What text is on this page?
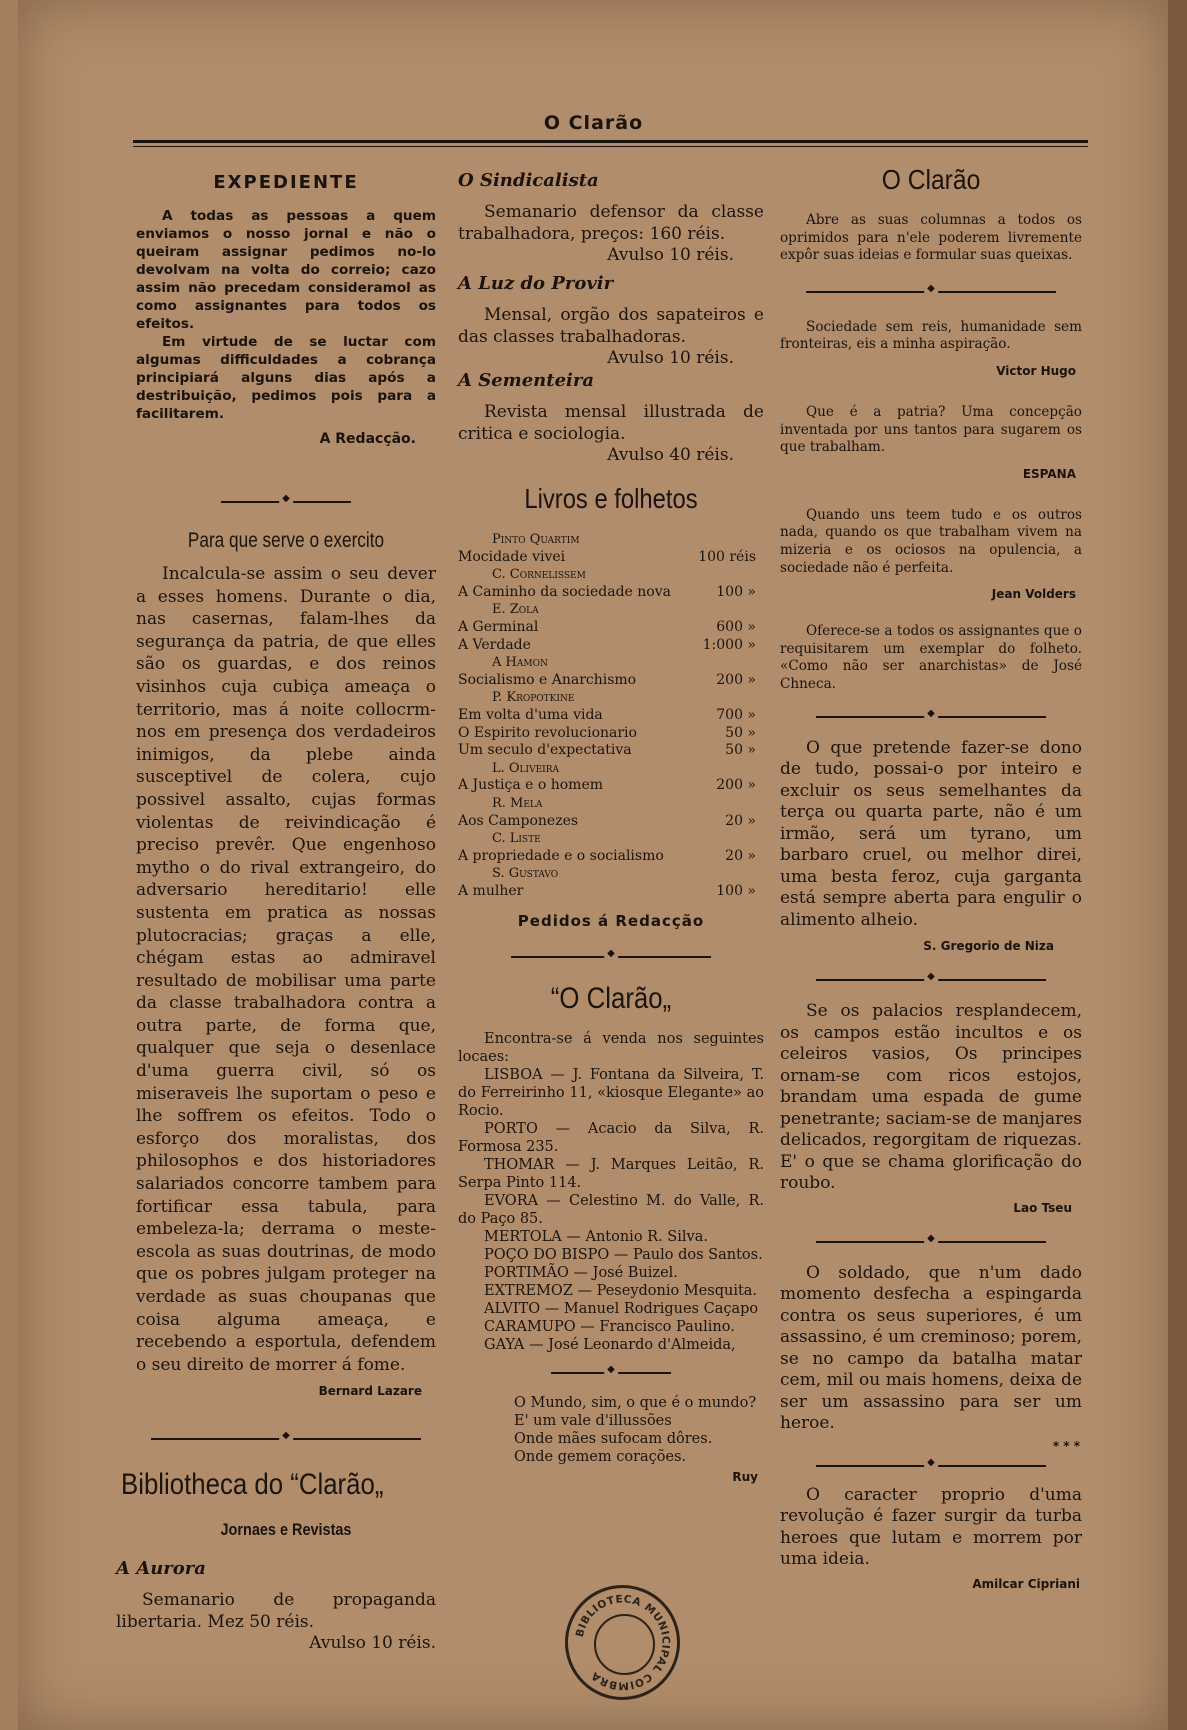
O Clarão
EXPEDIENTE

A todas as pessoas a quem enviamos o nosso jornal e não o queiram assignar pedimos no-lo devolvam na volta do correio; cazo assim não precedam consideramol as como assignantes para todos os efeitos.

Em virtude de se luctar com algumas difficuldades a cobrança principiará alguns dias após a destribuição, pedimos pois para a facilitarem.

A Redacção.
◆
Para que serve o exercito

Incalcula-se assim o seu dever a esses homens. Durante o dia, nas casernas, falam-lhes da segurança da patria, de que elles são os guardas, e dos reinos visinhos cuja cubiça ameaça o territorio, mas á noite collocrm-nos em presença dos verdadeiros inimigos, da plebe ainda susceptivel de colera, cujo possivel assalto, cujas formas violentas de reivindicação é preciso prevêr. Que engenhoso mytho o do rival extrangeiro, do adversario hereditario! elle sustenta em pratica as nossas plutocracias; graças a elle, chégam estas ao admiravel resultado de mobilisar uma parte da classe trabalhadora contra a outra parte, de forma que, qualquer que seja o desenlace d'uma guerra civil, só os miseraveis lhe suportam o peso e lhe soffrem os efeitos. Todo o esforço dos moralistas, dos philosophos e dos historiadores salariados concorre tambem para fortificar essa tabula, para embeleza-la; derrama o meste-escola as suas doutrinas, de modo que os pobres julgam proteger na verdade as suas choupanas que coisa alguma ameaça, e recebendo a esportula, defendem o seu direito de morrer á fome.

Bernard Lazare
◆
Bibliotheca do “Clarão„
Jornaes e Revistas
A Aurora

Semanario de propaganda libertaria. Mez 50 réis.

Avulso 10 réis.
O Sindicalista

Semanario defensor da classe trabalhadora, preços: 160 réis.

Avulso 10 réis.
A Luz do Provir

Mensal, orgão dos sapateiros e das classes trabalhadoras.

Avulso 10 réis.
A Sementeira

Revista mensal illustrada de critica e sociologia.

Avulso 40 réis.
Livros e folhetos
Pinto Quartim	
Mocidade vivei	100 réis
C. Cornelissem	
A Caminho da sociedade nova	100 »
E. Zola	
A Germinal	600 »
A Verdade	1:000 »
A Hamon	
Socialismo e Anarchismo	200 »
P. Kropotkine	
Em volta d'uma vida	700 »
O Espirito revolucionario	50 »
Um seculo d'expectativa	50 »
L. Oliveira	
A Justiça e o homem	200 »
R. Mela	
Aos Camponezes	20 »
C. Liste	
A propriedade e o socialismo	20 »
S. Gustavo	
A mulher	100 »
Pedidos á Redacção
◆
“O Clarão„

Encontra-se á venda nos seguintes locaes:

LISBOA — J. Fontana da Silveira, T. do Ferreirinho 11, «kiosque Elegante» ao Rocio.

PORTO — Acacio da Silva, R. Formosa 235.

THOMAR — J. Marques Leitão, R. Serpa Pinto 114.

EVORA — Celestino M. do Valle, R. do Paço 85.

MERTOLA — Antonio R. Silva.

POÇO DO BISPO — Paulo dos Santos.

PORTIMÃO — José Buizel.

EXTREMOZ — Peseydonio Mesquita.

ALVITO — Manuel Rodrigues Caçapo

CARAMUPO — Francisco Paulino.

GAYA — José Leonardo d'Almeida,

◆
O Mundo, sim, o que é o mundo?
E' um vale d'illussões
Onde mães sufocam dôres.
Onde gemem corações.
Ruy
O Clarão

Abre as suas columnas a todos os oprimidos para n'ele poderem livremente expôr suas ideias e formular suas queixas.

◆

Sociedade sem reis, humanidade sem fronteiras, eis a minha aspiração.

Victor Hugo

Que é a patria? Uma concepção inventada por uns tantos para sugarem os que trabalham.

ESPANA

Quando uns teem tudo e os outros nada, quando os que trabalham vivem na mizeria e os ociosos na opulencia, a sociedade não é perfeita.

Jean Volders

Oferece-se a todos os assignantes que o requisitarem um exemplar do folheto. «Como não ser anarchistas» de José Chneca.

◆

O que pretende fazer-se dono de tudo, possai-o por inteiro e excluir os seus semelhantes da terça ou quarta parte, não é um irmão, será um tyrano, um barbaro cruel, ou melhor direi, uma besta feroz, cuja garganta está sempre aberta para engulir o alimento alheio.

S. Gregorio de Niza
◆

Se os palacios resplandecem, os campos estão incultos e os celeiros vasios, Os principes ornam-se com ricos estojos, brandam uma espada de gume penetrante; saciam-se de manjares delicados, regorgitam de riquezas. E' o que se chama glorificação do roubo.

Lao Tseu
◆

O soldado, que n'um dado momento desfecha a espingarda contra os seus superiores, é um assassino, é um creminoso; porem, se no campo da batalha matar cem, mil ou mais homens, deixa de ser um assassino para ser um heroe.

* * *
◆

O caracter proprio d'uma revolução é fazer surgir da turba heroes que lutam e morrem por uma ideia.

Amilcar Cipriani
BIBLIOTECA MUNICIPAL COIMBRA
